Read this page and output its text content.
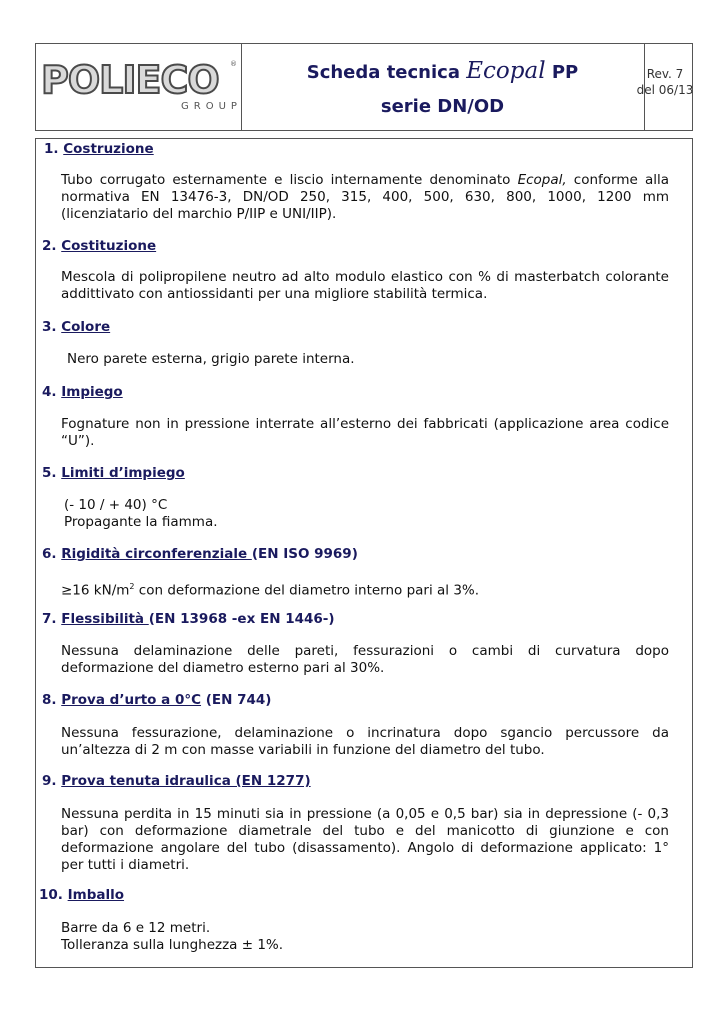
POLIECO
GROUP
®	Scheda tecnica Ecopal PP
serie DN/OD
Rev. 7
del 06/13
1. Costruzione
Tubo corrugato esternamente e liscio internamente denominato Ecopal, conforme alla normativa EN 13476-3, DN/OD 250, 315, 400, 500, 630, 800, 1000, 1200 mm (licenziatario del marchio P/IIP e UNI/IIP).
2. Costituzione
Mescola di polipropilene neutro ad alto modulo elastico con % di masterbatch colorante addittivato con antiossidanti per una migliore stabilità termica.
3. Colore
Nero parete esterna, grigio parete interna.
4. Impiego
Fognature non in pressione interrate all’esterno dei fabbricati (applicazione area codice “U”).
5. Limiti d’impiego
(- 10 / + 40) °C
Propagante la fiamma.
6. Rigidità circonferenziale (EN ISO 9969)
≥16 $kN/m^2$ con deformazione del diametro interno pari al 3%.
7. Flessibilità (EN 13968 -ex EN 1446-)
Nessuna delaminazione delle pareti, fessurazioni o cambi di curvatura dopo deformazione del diametro esterno pari al 30%.
8. Prova d’urto a 0°C (EN 744)
Nessuna fessurazione, delaminazione o incrinatura dopo sgancio percussore da un’altezza di 2 m con masse variabili in funzione del diametro del tubo.
9. Prova tenuta idraulica (EN 1277)
Nessuna perdita in 15 minuti sia in pressione (a 0,05 e 0,5 bar) sia in depressione (- 0,3 bar) con deformazione diametrale del tubo e del manicotto di giunzione e con deformazione angolare del tubo (disassamento). Angolo di deformazione applicato: 1° per tutti i diametri.
10. Imballo
Barre da 6 e 12 metri.
Tolleranza sulla lunghezza ± 1%.
